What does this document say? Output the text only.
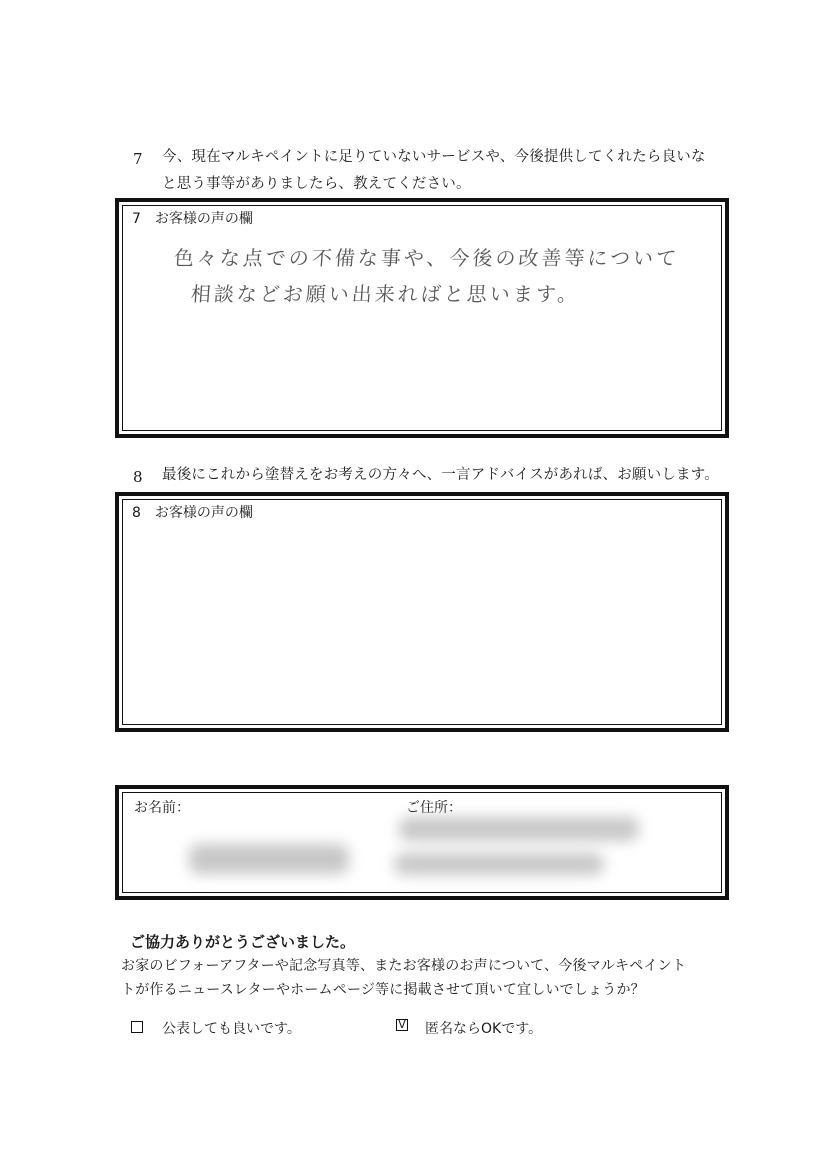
7 今、現在マルキペイントに足りていないサービスや、今後提供してくれたら良いな
と思う事等がありましたら、教えてください。
7　お客様の声の欄
色々な点での不備な事や、今後の改善等について
相談などお願い出来ればと思います。
8 最後にこれから塗替えをお考えの方々へ、一言アドバイスがあれば、お願いします。
8　お客様の声の欄
お名前：	ご住所：
ご協力ありがとうございました。
お家のビフォーアフターや記念写真等、またお客様のお声について、今後マルキペイント
トが作るニュースレターやホームページ等に掲載させて頂いて宜しいでしょうか？
公表しても良いです。	V 匿名ならOKです。
